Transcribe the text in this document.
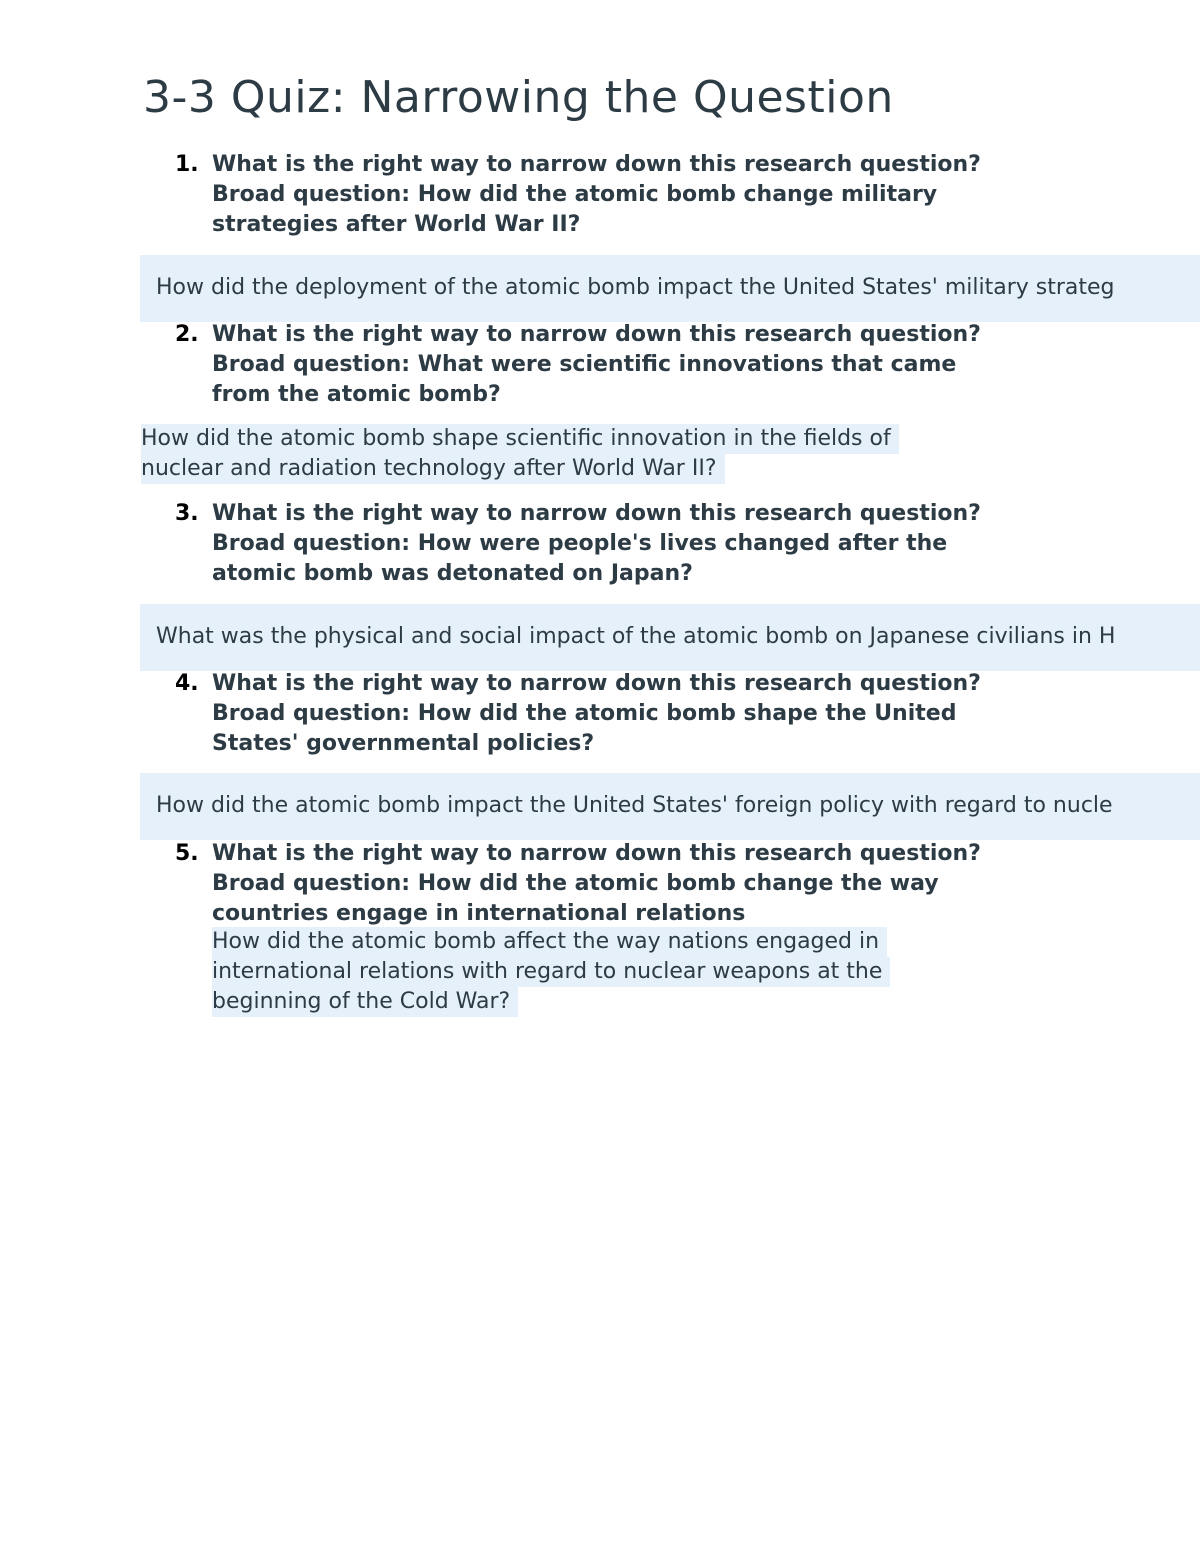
3-3 Quiz: Narrowing the Question
1. What is the right way to narrow down this research question?
Broad question: How did the atomic bomb change military
strategies after World War II?
How did the deployment of the atomic bomb impact the United States' military strateg
2. What is the right way to narrow down this research question?
Broad question: What were scientific innovations that came
from the atomic bomb?
How did the atomic bomb shape scientific innovation in the fields of
nuclear and radiation technology after World War II?
3. What is the right way to narrow down this research question?
Broad question: How were people's lives changed after the
atomic bomb was detonated on Japan?
What was the physical and social impact of the atomic bomb on Japanese civilians in H
4. What is the right way to narrow down this research question?
Broad question: How did the atomic bomb shape the United
States' governmental policies?
How did the atomic bomb impact the United States' foreign policy with regard to nucle
5. What is the right way to narrow down this research question?
Broad question: How did the atomic bomb change the way
countries engage in international relations
How did the atomic bomb affect the way nations engaged in
international relations with regard to nuclear weapons at the
beginning of the Cold War?
